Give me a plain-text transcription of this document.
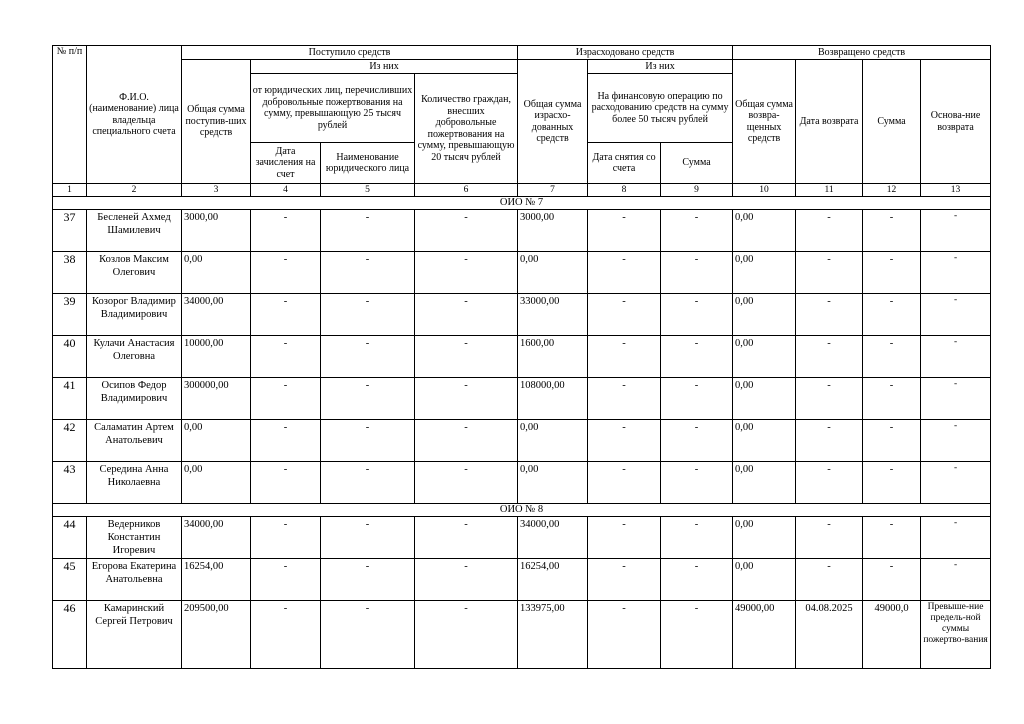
№ п/п	Ф.И.О. (наименование) лица владельца специального счета	Поступило средств				Израсходовано средств			Возвращено средств			
		Общая сумма поступив-ших средств	Из них			Общая сумма израсхо-дованных средств	Из них		Общая сумма возвра-щенных средств	Дата возврата	Сумма	Основа-ние возврата
			от юридических лиц, перечисливших добровольные пожертвования на сумму, превышающую 25 тысяч рублей		Количество граждан, внесших добровольные пожертвования на сумму, превышающую 20 тысяч рублей		На финансовую операцию по расходованию средств на сумму более 50 тысяч рублей					
			Дата зачисления на счет	Наименование юридического лица			Дата снятия со счета	Сумма				
1	2	3	4	5	6	7	8	9	10	11	12	13
ОИО № 7												
37	Бесленей Ахмед Шамилевич	3000,00	-	-	-	3000,00	-	-	0,00	-	-	-
38	Козлов Максим Олегович	0,00	-	-	-	0,00	-	-	0,00	-	-	-
39	Козорог Владимир Владимирович	34000,00	-	-	-	33000,00	-	-	0,00	-	-	-
40	Кулачи Анастасия Олеговна	10000,00	-	-	-	1600,00	-	-	0,00	-	-	-
41	Осипов Федор Владимирович	300000,00	-	-	-	108000,00	-	-	0,00	-	-	-
42	Саламатин Артем Анатольевич	0,00	-	-	-	0,00	-	-	0,00	-	-	-
43	Середина Анна Николаевна	0,00	-	-	-	0,00	-	-	0,00	-	-	-
ОИО № 8												
44	Ведерников Константин Игоревич	34000,00	-	-	-	34000,00	-	-	0,00	-	-	-
45	Егорова Екатерина Анатольевна	16254,00	-	-	-	16254,00	-	-	0,00	-	-	-
46	Камаринский Сергей Петрович	209500,00	-	-	-	133975,00	-	-	49000,00	04.08.2025	49000,0	Превыше-ние предель-ной суммы пожертво-вания
